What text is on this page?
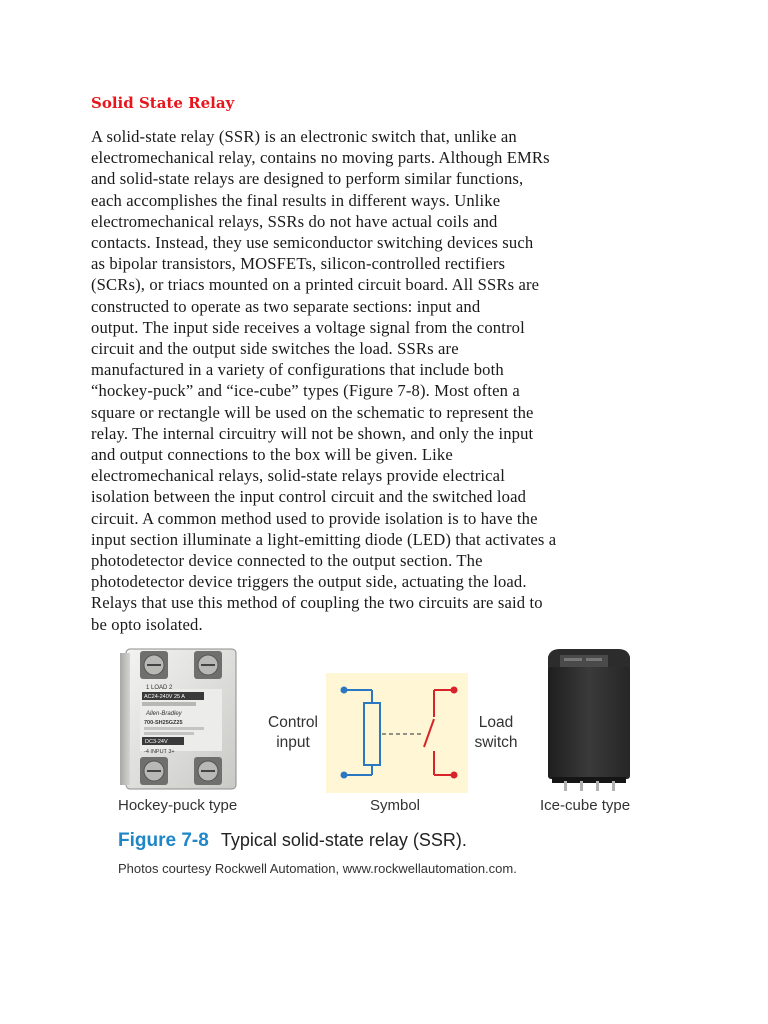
Solid State Relay

A solid-state relay (SSR) is an electronic switch that, unlike an
electromechanical relay, contains no moving parts. Although EMRs
and solid-state relays are designed to perform similar functions,
each accomplishes the final results in different ways. Unlike
electromechanical relays, SSRs do not have actual coils and
contacts. Instead, they use semiconductor switching devices such
as bipolar transistors, MOSFETs, silicon-controlled rectifiers
(SCRs), or triacs mounted on a printed circuit board. All SSRs are
constructed to operate as two separate sections: input and
output. The input side receives a voltage signal from the control
circuit and the output side switches the load. SSRs are
manufactured in a variety of configurations that include both
“hockey-puck” and “ice-cube” types (Figure 7-8). Most often a
square or rectangle will be used on the schematic to represent the
relay. The internal circuitry will not be shown, and only the input
and output connections to the box will be given. Like
electromechanical relays, solid-state relays provide electrical
isolation between the input control circuit and the switched load
circuit. A common method used to provide isolation is to have the
input section illuminate a light-emitting diode (LED) that activates a
photodetector device connected to the output section. The
photodetector device triggers the output side, actuating the load.
Relays that use this method of coupling the two circuits are said to
be opto isolated.

1 LOAD 2
AC24-240V 25 A
Allen-Bradley
700-SH25GZ25
DC3-24V
-4 INPUT 3+
Control
input
Load
switch
Hockey-puck type	Symbol	Ice-cube type
Figure 7-8 Typical solid-state relay (SSR).
Photos courtesy Rockwell Automation, www.rockwellautomation.com.
